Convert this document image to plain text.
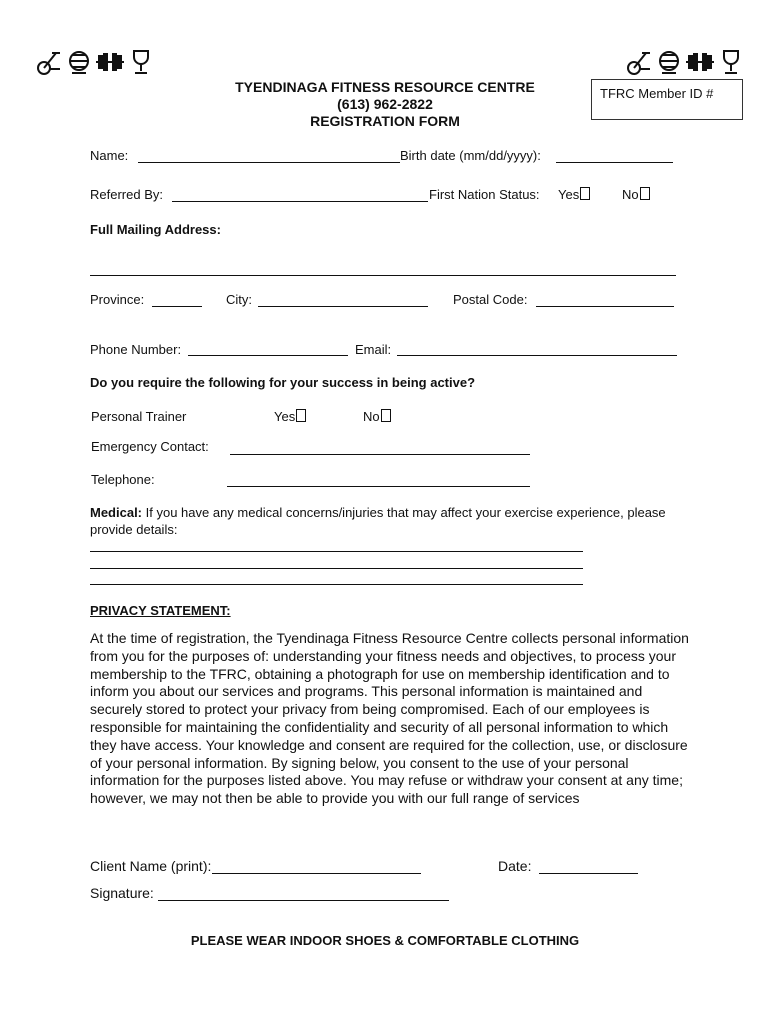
TYENDINAGA FITNESS RESOURCE CENTRE
(613) 962-2822
REGISTRATION FORM
TFRC Member ID #
Name:	Birth date (mm/dd/yyyy):
Referred By:	First Nation Status: Yes	No
Full Mailing Address:
Province:	City:	Postal Code:
Phone Number:	Email:
Do you require the following for your success in being active?
Personal Trainer	Yes	No
Emergency Contact:
Telephone:
Medical: If you have any medical concerns/injuries that may affect your exercise experience, please provide details:
PRIVACY STATEMENT:
At the time of registration, the Tyendinaga Fitness Resource Centre collects personal information from you for the purposes of: understanding your fitness needs and objectives, to process your membership to the TFRC, obtaining a photograph for use on membership identification and to inform you about our services and programs. This personal information is maintained and securely stored to protect your privacy from being compromised. Each of our employees is responsible for maintaining the confidentiality and security of all personal information to which they have access. Your knowledge and consent are required for the collection, use, or disclosure of your personal information. By signing below, you consent to the use of your personal information for the purposes listed above. You may refuse or withdraw your consent at any time; however, we may not then be able to provide you with our full range of services
Client Name (print):	Date:
Signature:
PLEASE WEAR INDOOR SHOES & COMFORTABLE CLOTHING
